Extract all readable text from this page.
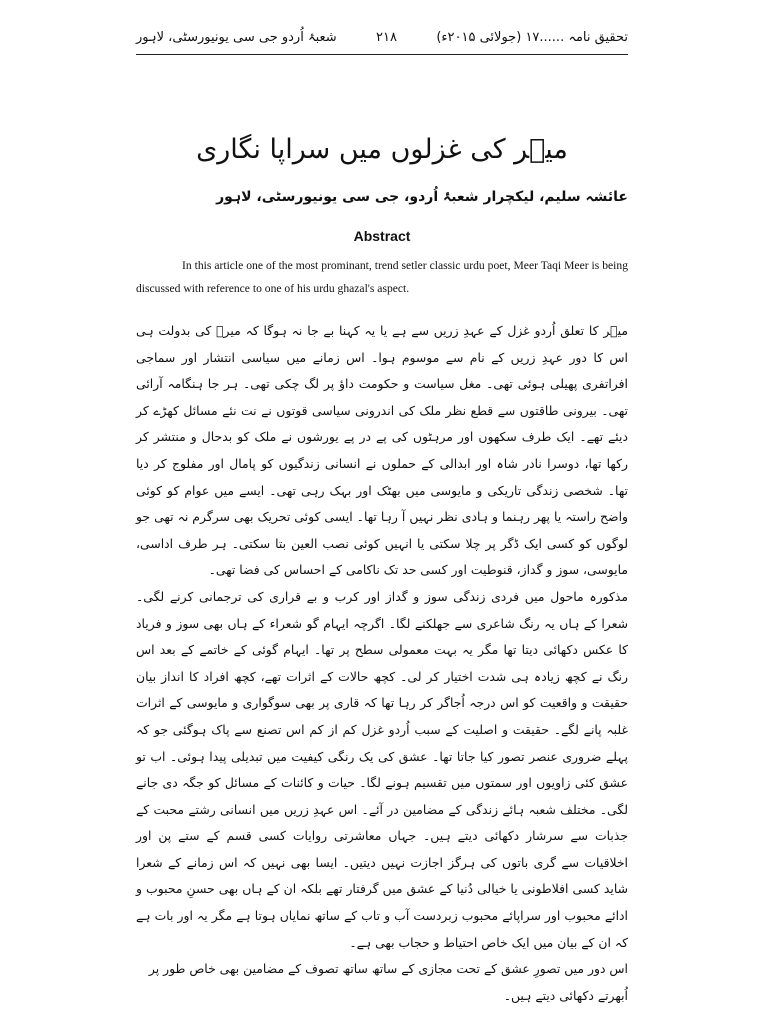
شعبۂ اُردو جی سی یونیورسٹی، لاہور	۲۱۸	تحقیق نامہ ......۱۷ (جولائی ۲۰۱۵ء)
میؔر کی غزلوں میں سراپا نگاری

عائشہ سلیم، لیکچرار شعبۂ اُردو، جی سی یونیورسٹی، لاہور

Abstract

In this article one of the most prominant, trend setler classic urdu poet, Meer Taqi Meer is being discussed with reference to one of his urdu ghazal's aspect.

میؔر کا تعلق اُردو غزل کے عہدِ زریں سے ہے یا یہ کہنا بے جا نہ ہوگا کہ میرؔ کی بدولت ہی اس کا دور عہدِ زریں کے نام سے موسوم ہوا۔ اس زمانے میں سیاسی انتشار اور سماجی افراتفری پھیلی ہوئی تھی۔ مغل سیاست و حکومت داؤ پر لگ چکی تھی۔ ہر جا ہنگامہ آرائی تھی۔ بیرونی طاقتوں سے قطع نظر ملک کی اندرونی سیاسی قوتوں نے نت نئے مسائل کھڑے کر دیئے تھے۔ ایک طرف سکھوں اور مرہٹوں کی پے در پے یورشوں نے ملک کو بدحال و منتشر کر رکھا تھا، دوسرا نادر شاہ اور ابدالی کے حملوں نے انسانی زندگیوں کو پامال اور مفلوج کر دیا تھا۔ شخصی زندگی تاریکی و مایوسی میں بھٹک اور بہک رہی تھی۔ ایسے میں عوام کو کوئی واضح راستہ یا پھر رہنما و ہادی نظر نہیں آ رہا تھا۔ ایسی کوئی تحریک بھی سرگرم نہ تھی جو لوگوں کو کسی ایک ڈگر پر چلا سکتی یا انہیں کوئی نصب العین بتا سکتی۔ ہر طرف اداسی، مایوسی، سوز و گداز، قنوطیت اور کسی حد تک ناکامی کے احساس کی فضا تھی۔

مذکورہ ماحول میں فردی زندگی سوز و گداز اور کرب و بے قراری کی ترجمانی کرنے لگی۔ شعرا کے ہاں یہ رنگ شاعری سے جھلکنے لگا۔ اگرچہ ایہام گو شعراء کے ہاں بھی سوز و فریاد کا عکس دکھائی دیتا تھا مگر یہ بہت معمولی سطح پر تھا۔ ایہام گوئی کے خاتمے کے بعد اس رنگ نے کچھ زیادہ ہی شدت اختیار کر لی۔ کچھ حالات کے اثرات تھے، کچھ افراد کا انداز بیان حقیقت و واقعیت کو اس درجہ اُجاگر کر رہا تھا کہ قاری پر بھی سوگواری و مایوسی کے اثرات غلبہ پانے لگے۔ حقیقت و اصلیت کے سبب اُردو غزل کم از کم اس تصنع سے پاک ہوگئی جو کہ پہلے ضروری عنصر تصور کیا جاتا تھا۔ عشق کی یک رنگی کیفیت میں تبدیلی پیدا ہوئی۔ اب تو عشق کئی زاویوں اور سمتوں میں تقسیم ہونے لگا۔ حیات و کائنات کے مسائل کو جگہ دی جانے لگی۔ مختلف شعبہ ہائے زندگی کے مضامین در آئے۔ اس عہدِ زریں میں انسانی رشتے محبت کے جذبات سے سرشار دکھائی دیتے ہیں۔ جہاں معاشرتی روایات کسی قسم کے ستے پن اور اخلاقیات سے گری باتوں کی ہرگز اجازت نہیں دیتیں۔ ایسا بھی نہیں کہ اس زمانے کے شعرا شاید کسی افلاطونی یا خیالی دُنیا کے عشق میں گرفتار تھے بلکہ ان کے ہاں بھی حسنِ محبوب و ادائے محبوب اور سراپائے محبوب زبردست آب و تاب کے ساتھ نمایاں ہوتا ہے مگر یہ اور بات ہے کہ ان کے بیان میں ایک خاص احتیاط و حجاب بھی ہے۔

اس دور میں تصورِ عشق کے تحت مجازی کے ساتھ ساتھ تصوف کے مضامین بھی خاص طور پر اُبھرتے دکھائی دیتے ہیں۔
